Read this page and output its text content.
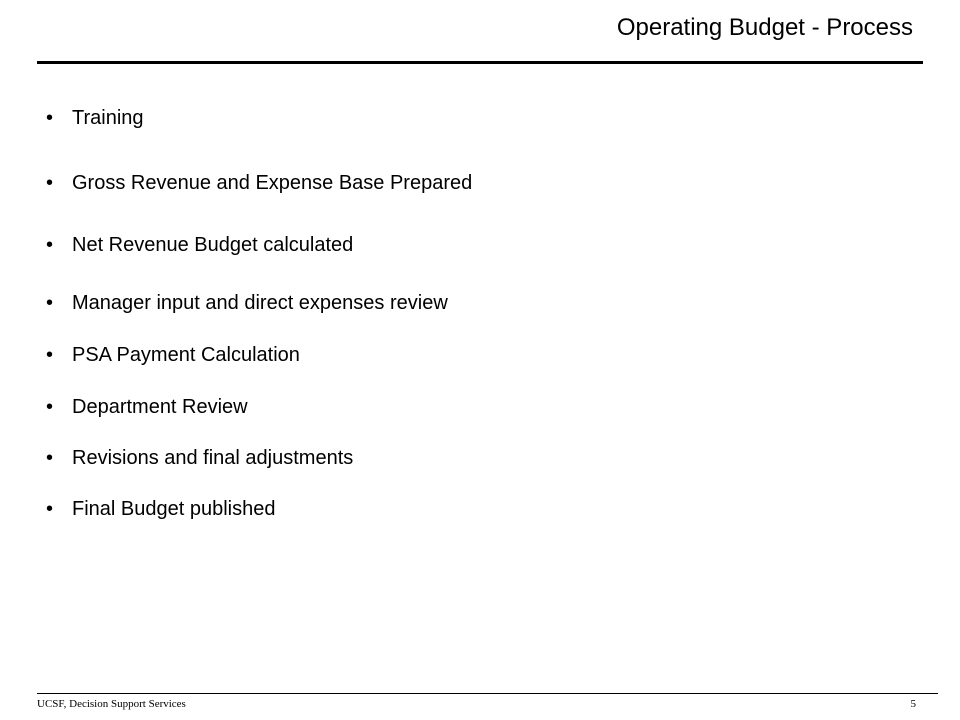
Operating Budget - Process
• Training
• Gross Revenue and Expense Base Prepared
• Net Revenue Budget calculated
• Manager input and direct expenses review
• PSA Payment Calculation
• Department Review
• Revisions and final adjustments
• Final Budget published
UCSF, Decision Support Services	5
